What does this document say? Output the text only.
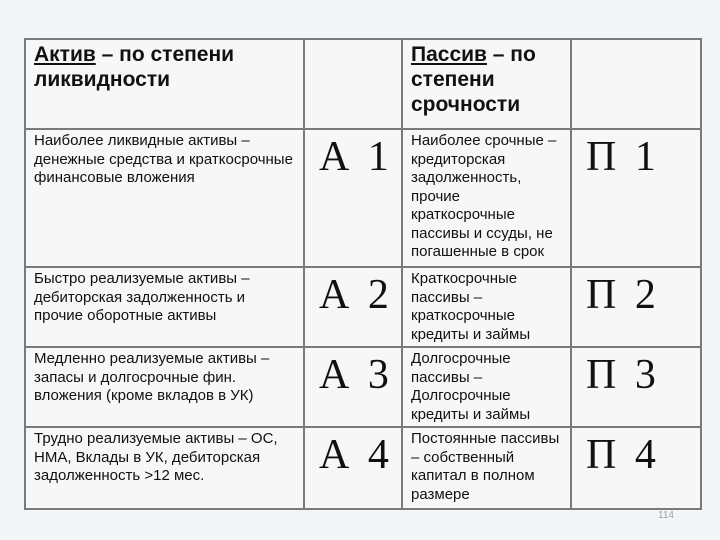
Актив – по степени ликвидности		Пассив – по степени срочности	
Наиболее ликвидные активы – денежные средства и краткосрочные финансовые вложения	А 1	Наиболее срочные – кредиторская задолженность, прочие краткосрочные пассивы и ссуды, не погашенные в срок	П 1
Быстро реализуемые активы – дебиторская задолженность и прочие оборотные активы	А 2	Краткосрочные пассивы – краткосрочные кредиты и займы	П 2
Медленно реализуемые активы – запасы и долгосрочные фин. вложения (кроме вкладов в УК)	А 3	Долгосрочные пассивы – Долгосрочные кредиты и займы	П 3
Трудно реализуемые активы – ОС, НМА, Вклады в УК, дебиторская задолженность >12 мес.	А 4	Постоянные пассивы – собственный капитал в полном размере	П 4
114
